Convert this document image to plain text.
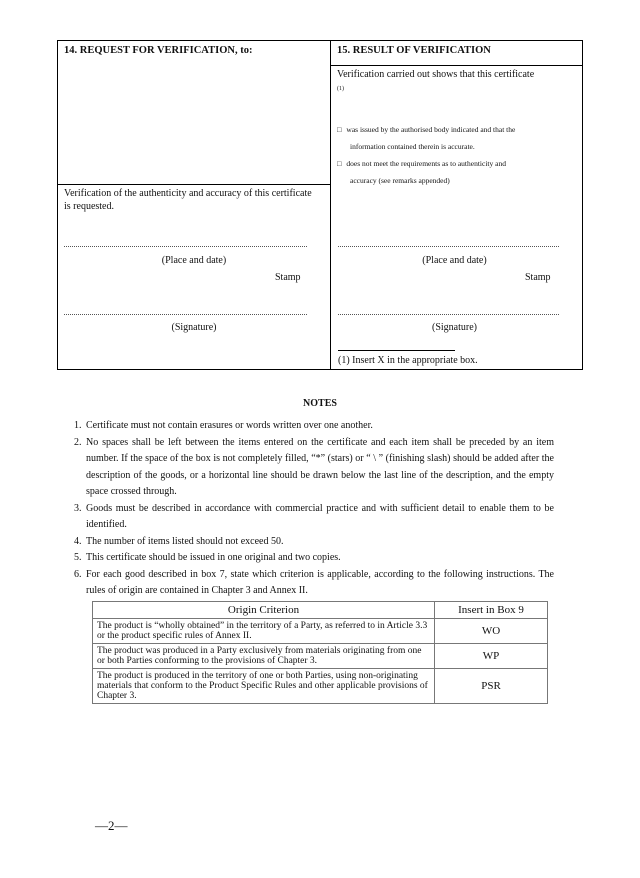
14. REQUEST FOR VERIFICATION, to:
Verification of the authenticity and accuracy of this certificate is requested.
(Place and date)
Stamp
(Signature)
15. RESULT OF VERIFICATION
Verification carried out shows that this certificate
(1)
□ was issued by the authorised body indicated and that the
information contained therein is accurate.
□ does not meet the requirements as to authenticity and
accuracy (see remarks appended)
(Place and date)
Stamp
(Signature)
(1) Insert X in the appropriate box.
NOTES
1. Certificate must not contain erasures or words written over one another.
2. No spaces shall be left between the items entered on the certificate and each item shall be preceded by an item number. If the space of the box is not completely filled, “*” (stars) or “ \ ” (finishing slash) should be added after the description of the goods, or a horizontal line should be drawn below the last line of the description, and the empty space crossed through.
3. Goods must be described in accordance with commercial practice and with sufficient detail to enable them to be identified.
4. The number of items listed should not exceed 50.
5. This certificate should be issued in one original and two copies.
6. For each good described in box 7, state which criterion is applicable, according to the following instructions. The rules of origin are contained in Chapter 3 and Annex II.
Origin Criterion	Insert in Box 9
The product is “wholly obtained” in the territory of a Party, as referred to in Article 3.3 or the product specific rules of Annex II.	WO
The product was produced in a Party exclusively from materials originating from one or both Parties conforming to the provisions of Chapter 3.	WP
The product is produced in the territory of one or both Parties, using non-originating materials that conform to the Product Specific Rules and other applicable provisions of Chapter 3.	PSR
—2—
